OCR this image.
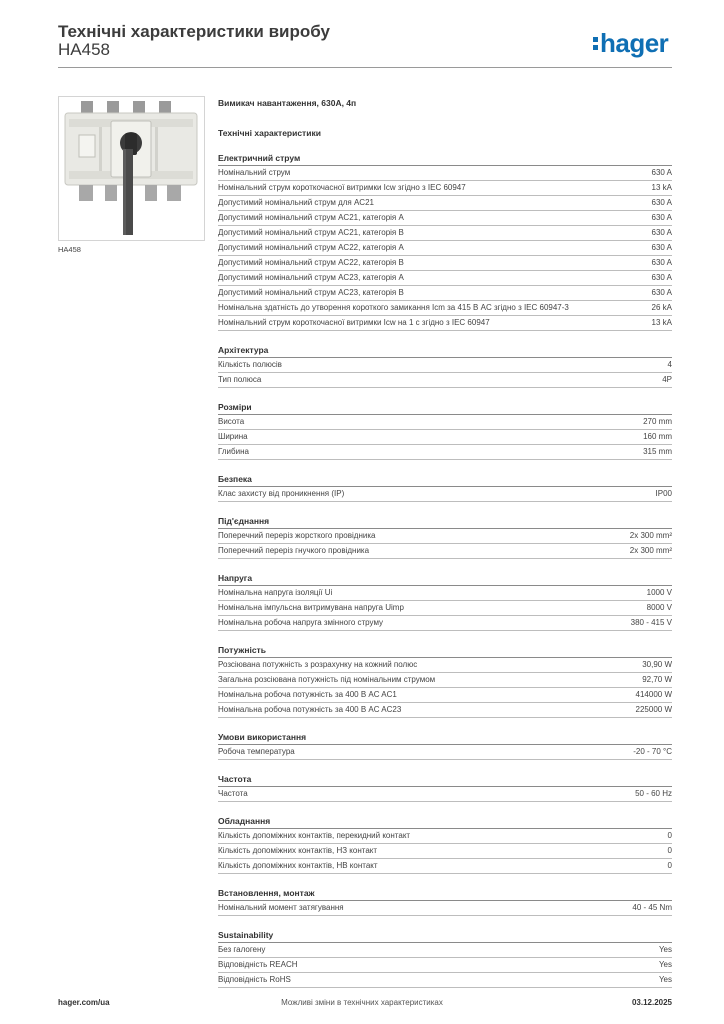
Технічні характеристики виробу
HA458	hager
HA458
Вимикач навантаження, 630А, 4п
Технічні характеристики
Електричний струм
Номінальний струм	630 A
Номінальний струм короткочасної витримки Icw згідно з IEC 60947	13 kA
Допустимий номінальний струм для AC21	630 A
Допустимий номінальний струм AC21, категорія A	630 A
Допустимий номінальний струм AC21, категорія B	630 A
Допустимий номінальний струм AC22, категорія A	630 A
Допустимий номінальний струм AC22, категорія B	630 A
Допустимий номінальний струм AC23, категорія A	630 A
Допустимий номінальний струм AC23, категорія B	630 A
Номінальна здатність до утворення короткого замикання Icm за 415 В AC згідно з IEC 60947-3	26 kA
Номінальний струм короткочасної витримки Icw на 1 с згідно з IEC 60947	13 kA
Архітектура
Кількість полюсів	4
Тип полюса	4P
Розміри
Висота	270 mm
Ширина	160 mm
Глибина	315 mm
Безпека
Клас захисту від проникнення (IP)	IP00
Під'єднання
Поперечний переріз жорсткого провідника	2x 300 mm²
Поперечний переріз гнучкого провідника	2x 300 mm²
Напруга
Номінальна напруга ізоляції Ui	1000 V
Номінальна імпульсна витримувана напруга Uimp	8000 V
Номінальна робоча напруга змінного струму	380 - 415 V
Потужність
Розсіювана потужність з розрахунку на кожний полюс	30,90 W
Загальна розсіювана потужність під номінальним струмом	92,70 W
Номінальна робоча потужність за 400 В AC AC1	414000 W
Номінальна робоча потужність за 400 В AC AC23	225000 W
Умови використання
Робоча температура	-20 - 70 °C
Частота
Частота	50 - 60 Hz
Обладнання
Кількість допоміжних контактів, перекидний контакт	0
Кількість допоміжних контактів, НЗ контакт	0
Кількість допоміжних контактів, НВ контакт	0
Встановлення, монтаж
Номінальний момент затягування	40 - 45 Nm
Sustainability
Без галогену	Yes
Відповідність REACH	Yes
Відповідність RoHS	Yes
hager.com/ua	Можливі зміни в технічних характеристиках	03.12.2025
